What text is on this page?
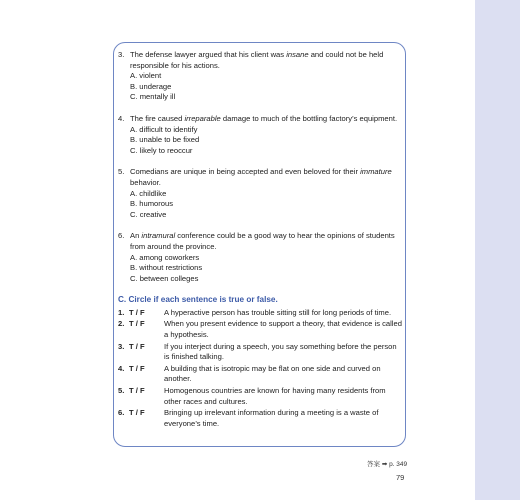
3. The defense lawyer argued that his client was insane and could not be held responsible for his actions.
A. violent
B. underage
C. mentally ill
4. The fire caused irreparable damage to much of the bottling factory’s equipment.
A. difficult to identify
B. unable to be fixed
C. likely to reoccur
5. Comedians are unique in being accepted and even beloved for their immature behavior.
A. childlike
B. humorous
C. creative
6. An intramural conference could be a good way to hear the opinions of students from around the province.
A. among coworkers
B. without restrictions
C. between colleges
C. Circle if each sentence is true or false.
1. T / F	A hyperactive person has trouble sitting still for long periods of time.
2. T / F	When you present evidence to support a theory, that evidence is called a hypothesis.
3. T / F	If you interject during a speech, you say something before the person is finished talking.
4. T / F	A building that is isotropic may be flat on one side and curved on another.
5. T / F	Homogenous countries are known for having many residents from other races and cultures.
6. T / F	Bringing up irrelevant information during a meeting is a waste of everyone’s time.
答案 ➡ p. 349
79
